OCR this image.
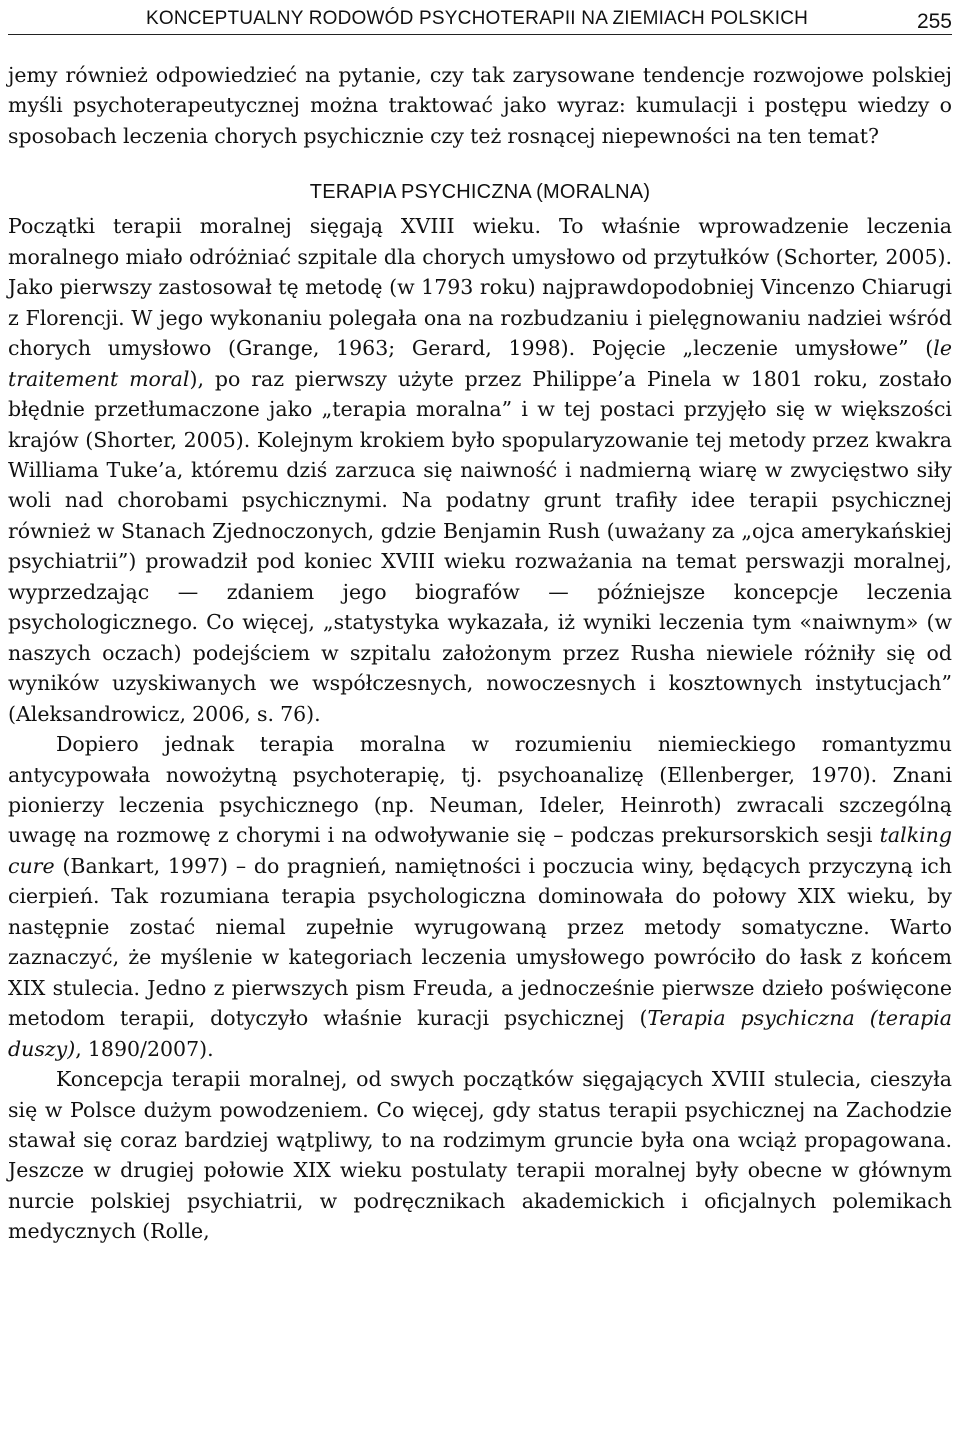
KONCEPTUALNY RODOWÓD PSYCHOTERAPII NA ZIEMIACH POLSKICH	255

jemy również odpowiedzieć na pytanie, czy tak zarysowane tendencje rozwojowe polskiej myśli psychoterapeutycznej można traktować jako wyraz: kumulacji i postępu wiedzy o sposobach leczenia chorych psychicznie czy też rosnącej niepewności na ten temat?

TERAPIA PSYCHICZNA (MORALNA)

Początki terapii moralnej sięgają XVIII wieku. To właśnie wprowadzenie leczenia moralnego miało odróżniać szpitale dla chorych umysłowo od przytułków (Schorter, 2005). Jako pierwszy zastosował tę metodę (w 1793 roku) najprawdopodobniej Vincenzo Chiarugi z Florencji. W jego wykonaniu polegała ona na rozbudzaniu i pielęgnowaniu nadziei wśród chorych umysłowo (Grange, 1963; Gerard, 1998). Pojęcie „leczenie umysłowe” (le traitement moral), po raz pierwszy użyte przez Philippe’a Pinela w 1801 roku, zostało błędnie przetłumaczone jako „terapia moralna” i w tej postaci przyjęło się w większości krajów (Shorter, 2005). Kolejnym krokiem było spopularyzowanie tej metody przez kwakra Williama Tuke’a, któremu dziś zarzuca się naiwność i nadmierną wiarę w zwycięstwo siły woli nad chorobami psychicznymi. Na podatny grunt trafiły idee terapii psychicznej również w Stanach Zjednoczonych, gdzie Benjamin Rush (uważany za „ojca amerykańskiej psychiatrii”) prowadził pod koniec XVIII wieku rozważania na temat perswazji moralnej, wyprzedzając — zdaniem jego biografów — późniejsze koncepcje leczenia psychologicznego. Co więcej, „statystyka wykazała, iż wyniki leczenia tym «naiwnym» (w naszych oczach) podejściem w szpitalu założonym przez Rusha niewiele różniły się od wyników uzyskiwanych we współczesnych, nowoczesnych i kosztownych instytucjach” (Aleksandrowicz, 2006, s. 76).

Dopiero jednak terapia moralna w rozumieniu niemieckiego romantyzmu antycypowała nowożytną psychoterapię, tj. psychoanalizę (Ellenberger, 1970). Znani pionierzy leczenia psychicznego (np. Neuman, Ideler, Heinroth) zwracali szczególną uwagę na rozmowę z chorymi i na odwoływanie się – podczas prekursorskich sesji talking cure (Bankart, 1997) – do pragnień, namiętności i poczucia winy, będących przyczyną ich cierpień. Tak rozumiana terapia psychologiczna dominowała do połowy XIX wieku, by następnie zostać niemal zupełnie wyrugowaną przez metody somatyczne. Warto zaznaczyć, że myślenie w kategoriach leczenia umysłowego powróciło do łask z końcem XIX stulecia. Jedno z pierwszych pism Freuda, a jednocześnie pierwsze dzieło poświęcone metodom terapii, dotyczyło właśnie kuracji psychicznej (Terapia psychiczna (terapia duszy), 1890/2007).

Koncepcja terapii moralnej, od swych początków sięgających XVIII stulecia, cieszyła się w Polsce dużym powodzeniem. Co więcej, gdy status terapii psychicznej na Zachodzie stawał się coraz bardziej wątpliwy, to na rodzimym gruncie była ona wciąż propagowana. Jeszcze w drugiej połowie XIX wieku postulaty terapii moralnej były obecne w głównym nurcie polskiej psychiatrii, w podręcznikach akademickich i oficjalnych polemikach medycznych (Rolle,
